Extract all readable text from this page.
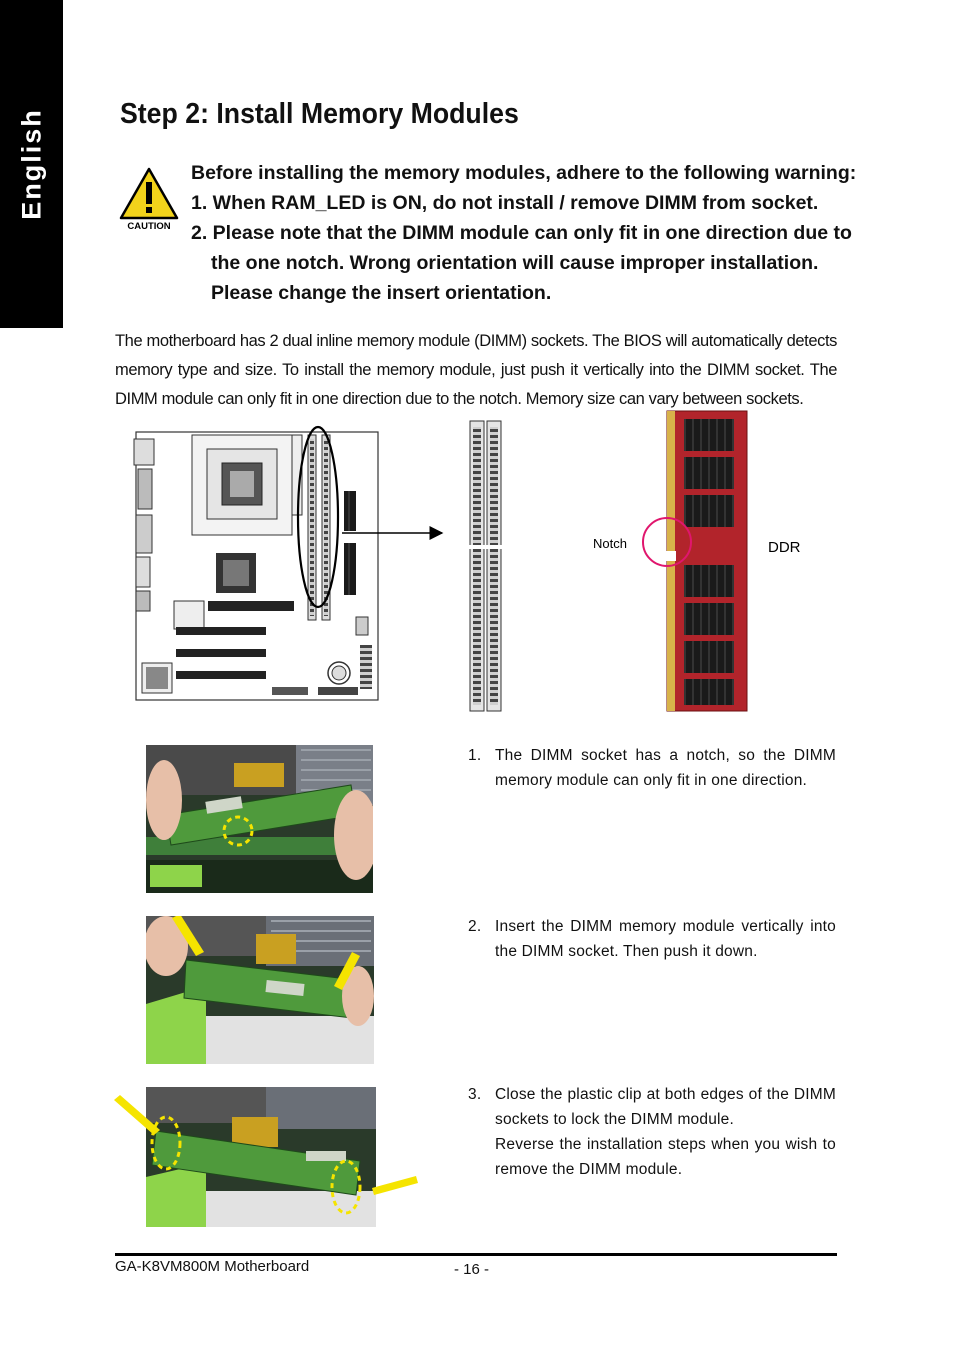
English	Step 2: Install Memory Modules
CAUTION
Before installing the memory modules, adhere to the following warning:
1. When RAM_LED is ON, do not install / remove DIMM from socket.
2. Please note that the DIMM module can only fit in one direction due to
the one notch. Wrong orientation will cause improper installation.
Please change the insert orientation.

The motherboard has 2 dual inline memory module (DIMM) sockets. The BIOS will automatically detects memory type and size. To install the memory module, just push it vertically into the DIMM socket. The DIMM module can only fit in one direction due to the notch. Memory size can vary between sockets.

Notch	DDR
1. The DIMM socket has a notch, so the DIMM memory module can only fit in one direction.
2. Insert the DIMM memory module vertically into the DIMM socket. Then push it down.
3. Close the plastic clip at both edges of the DIMM sockets to lock the DIMM module.
Reverse the installation steps when you wish to remove the DIMM module.
GA-K8VM800M Motherboard	- 16 -
